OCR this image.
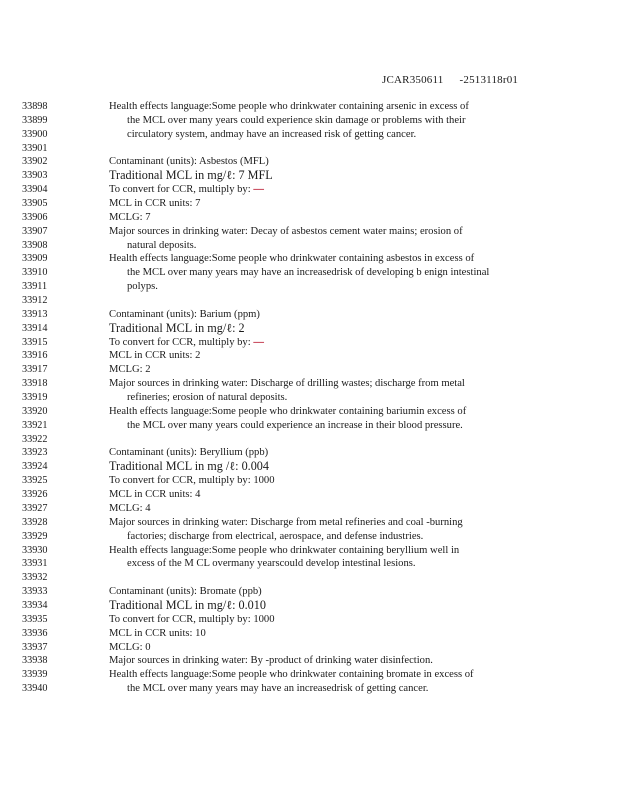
JCAR350611 -2513118r01
33898	Health effects language:Some people who drinkwater containing arsenic in excess of
33899	the MCL over many years could experience skin damage or problems with their
33900	circulatory system, andmay have an increased risk of getting cancer.
33901
33902	Contaminant (units): Asbestos (MFL)
33903	Traditional MCL in mg/ℓ: 7 MFL
33904	To convert for CCR, multiply by: —
33905	MCL in CCR units: 7
33906	MCLG: 7
33907	Major sources in drinking water: Decay of asbestos cement water mains; erosion of
33908	natural deposits.
33909	Health effects language:Some people who drinkwater containing asbestos in excess of
33910	the MCL over many years may have an increasedrisk of developing b enign intestinal
33911	polyps.
33912
33913	Contaminant (units): Barium (ppm)
33914	Traditional MCL in mg/ℓ: 2
33915	To convert for CCR, multiply by: —
33916	MCL in CCR units: 2
33917	MCLG: 2
33918	Major sources in drinking water: Discharge of drilling wastes; discharge from metal
33919	refineries; erosion of natural deposits.
33920	Health effects language:Some people who drinkwater containing bariumin excess of
33921	the MCL over many years could experience an increase in their blood pressure.
33922
33923	Contaminant (units): Beryllium (ppb)
33924	Traditional MCL in mg /ℓ: 0.004
33925	To convert for CCR, multiply by: 1000
33926	MCL in CCR units: 4
33927	MCLG: 4
33928	Major sources in drinking water: Discharge from metal refineries and coal -burning
33929	factories; discharge from electrical, aerospace, and defense industries.
33930	Health effects language:Some people who drinkwater containing beryllium well in
33931	excess of the M CL overmany yearscould develop intestinal lesions.
33932
33933	Contaminant (units): Bromate (ppb)
33934	Traditional MCL in mg/ℓ: 0.010
33935	To convert for CCR, multiply by: 1000
33936	MCL in CCR units: 10
33937	MCLG: 0
33938	Major sources in drinking water: By -product of drinking water disinfection.
33939	Health effects language:Some people who drinkwater containing bromate in excess of
33940	the MCL over many years may have an increasedrisk of getting cancer.
